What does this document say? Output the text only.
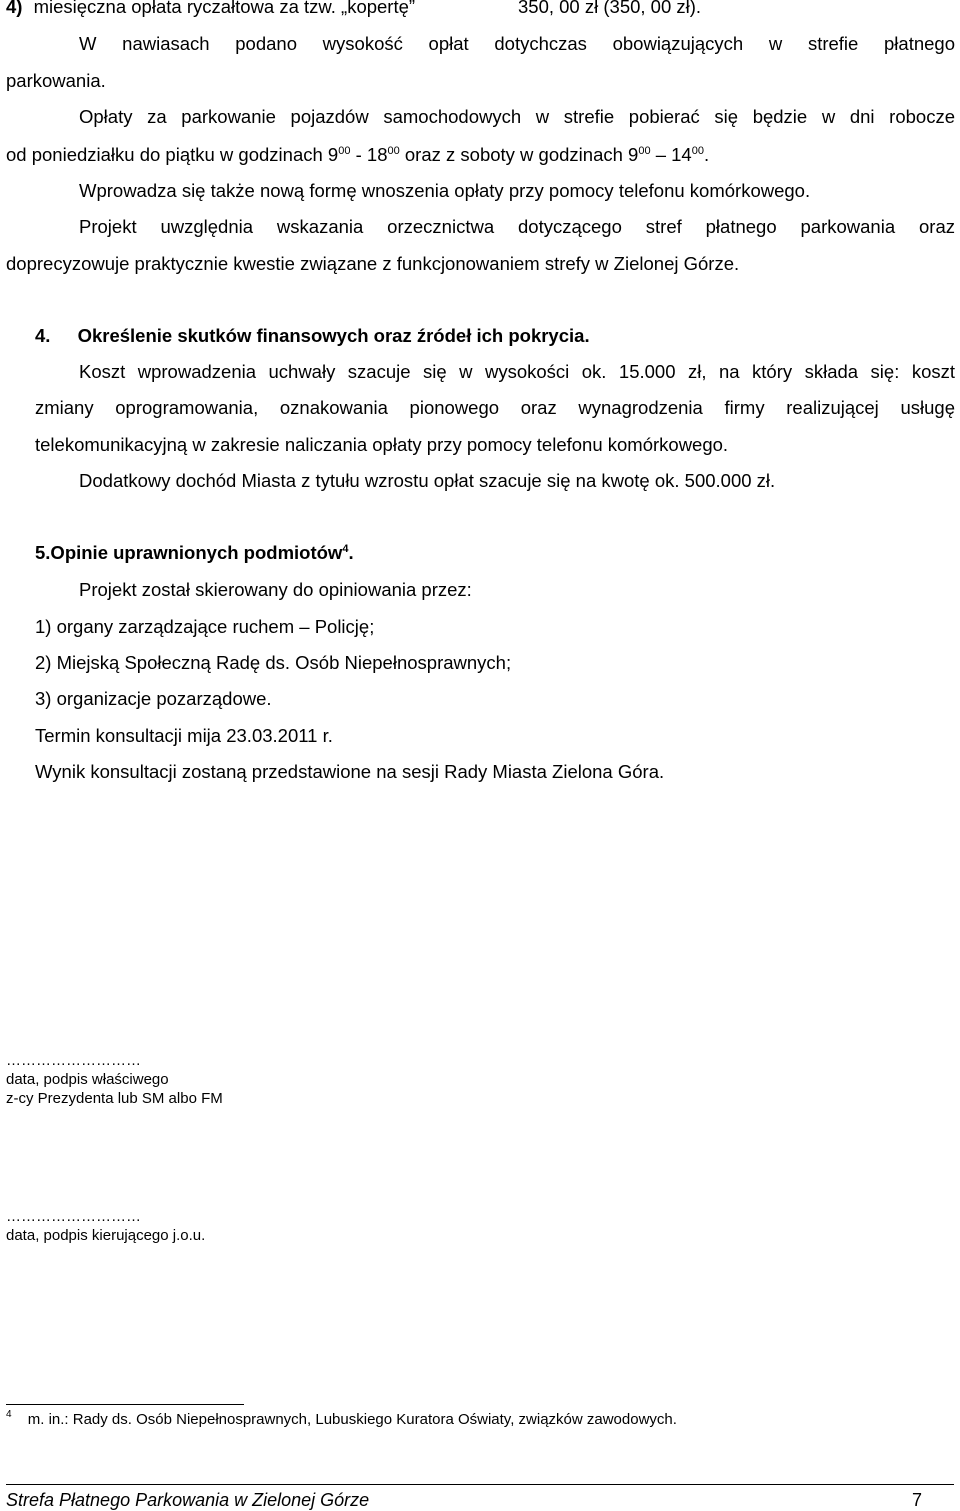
4) miesięczna opłata ryczałtowa za tzw. „kopertę”	350, 00 zł (350, 00 zł).
W nawiasach podano wysokość opłat dotychczas obowiązujących w strefie płatnego
parkowania.
Opłaty za parkowanie pojazdów samochodowych w strefie pobierać się będzie w dni robocze
od poniedziałku do piątku w godzinach $9^{00} - 18^{00}$ oraz z soboty w godzinach $9^{00} - 14^{00}$.
Wprowadza się także nową formę wnoszenia opłaty przy pomocy telefonu komórkowego.
Projekt uwzględnia wskazania orzecznictwa dotyczącego stref płatnego parkowania oraz
doprecyzowuje praktycznie kwestie związane z funkcjonowaniem strefy w Zielonej Górze.
4. Określenie skutków finansowych oraz źródeł ich pokrycia.
Koszt wprowadzenia uchwały szacuje się w wysokości ok. 15.000 zł, na który składa się: koszt
zmiany oprogramowania, oznakowania pionowego oraz wynagrodzenia firmy realizującej usługę
telekomunikacyjną w zakresie naliczania opłaty przy pomocy telefonu komórkowego.
Dodatkowy dochód Miasta z tytułu wzrostu opłat szacuje się na kwotę ok. 500.000 zł.
5.Opinie uprawnionych podmiotów$^4$.
Projekt został skierowany do opiniowania przez:
1) organy zarządzające ruchem – Policję;
2) Miejską Społeczną Radę ds. Osób Niepełnosprawnych;
3) organizacje pozarządowe.
Termin konsultacji mija 23.03.2011 r.
Wynik konsultacji zostaną przedstawione na sesji Rady Miasta Zielona Góra.
………………………
data, podpis właściwego
z-cy Prezydenta lub SM albo FM
………………………
data, podpis kierującego j.o.u.
$^4$ m. in.: Rady ds. Osób Niepełnosprawnych, Lubuskiego Kuratora Oświaty, związków zawodowych.
Strefa Płatnego Parkowania w Zielonej Górze	7
